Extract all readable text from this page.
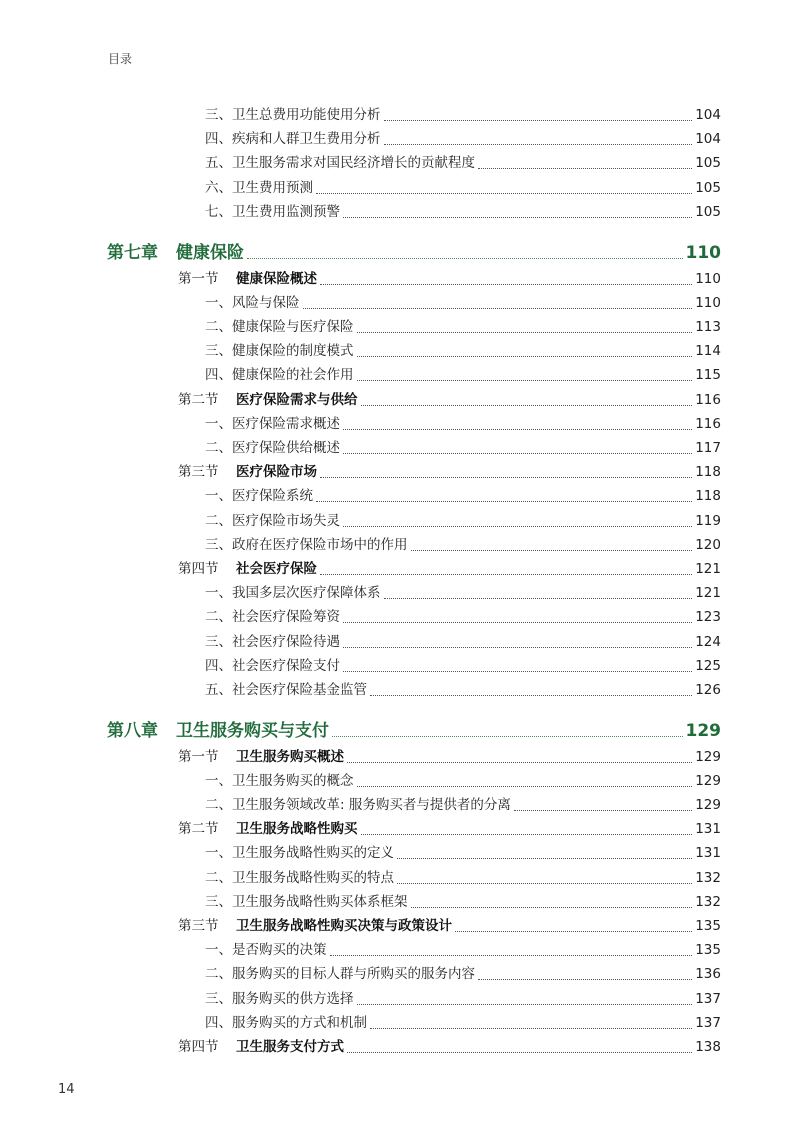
目录
三、卫生总费用功能使用分析	104
四、疾病和人群卫生费用分析	104
五、卫生服务需求对国民经济增长的贡献程度	105
六、卫生费用预测	105
七、卫生费用监测预警	105
第七章	健康保险	110
第一节	健康保险概述	110
一、风险与保险	110
二、健康保险与医疗保险	113
三、健康保险的制度模式	114
四、健康保险的社会作用	115
第二节	医疗保险需求与供给	116
一、医疗保险需求概述	116
二、医疗保险供给概述	117
第三节	医疗保险市场	118
一、医疗保险系统	118
二、医疗保险市场失灵	119
三、政府在医疗保险市场中的作用	120
第四节	社会医疗保险	121
一、我国多层次医疗保障体系	121
二、社会医疗保险筹资	123
三、社会医疗保险待遇	124
四、社会医疗保险支付	125
五、社会医疗保险基金监管	126
第八章	卫生服务购买与支付	129
第一节	卫生服务购买概述	129
一、卫生服务购买的概念	129
二、卫生服务领域改革: 服务购买者与提供者的分离	129
第二节	卫生服务战略性购买	131
一、卫生服务战略性购买的定义	131
二、卫生服务战略性购买的特点	132
三、卫生服务战略性购买体系框架	132
第三节	卫生服务战略性购买决策与政策设计	135
一、是否购买的决策	135
二、服务购买的目标人群与所购买的服务内容	136
三、服务购买的供方选择	137
四、服务购买的方式和机制	137
第四节	卫生服务支付方式	138
14
